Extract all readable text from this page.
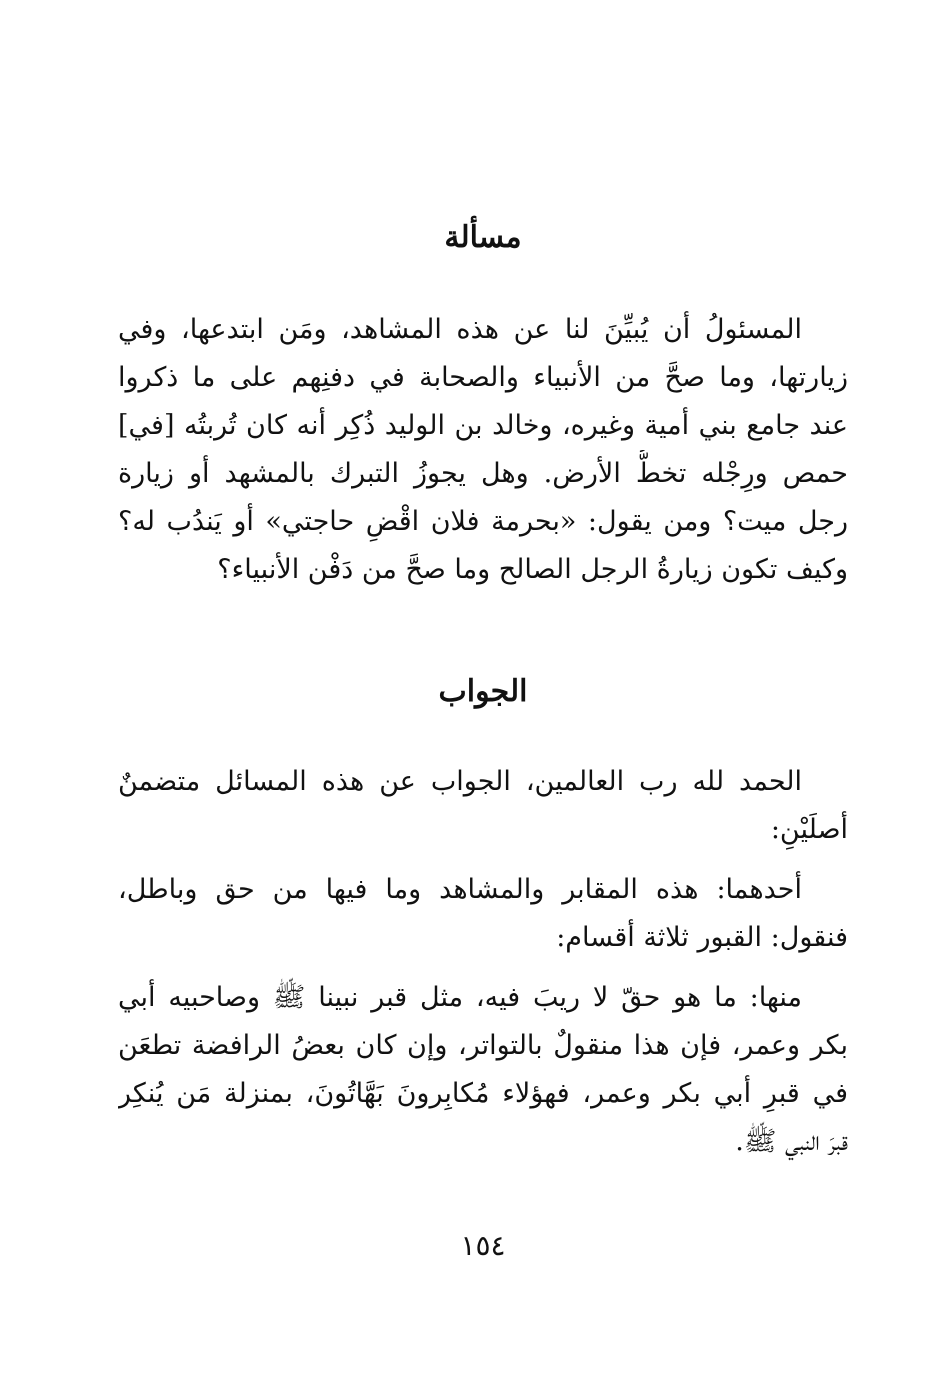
مسألة
المسئولُ أن يُبيِّنَ لنا عن هذه المشاهد، ومَن ابتدعها، وفي
زيارتها، وما صحَّ من الأنبياء والصحابة في دفنِهم على ما ذكروا
عند جامع بني أمية وغيره، وخالد بن الوليد ذُكِر أنه كان تُربتُه [في]
حمص ورِجْله تخطُّ الأرض. وهل يجوزُ التبرك بالمشهد أو زيارة
رجل ميت؟ ومن يقول: «بحرمة فلان اقْضِ حاجتي» أو يَندُب له؟
وكيف تكون زيارةُ الرجل الصالح وما صحَّ من دَفْن الأنبياء؟
الجواب
الحمد لله رب العالمين، الجواب عن هذه المسائل متضمنٌ
أصلَيْنِ:
أحدهما: هذه المقابر والمشاهد وما فيها من حق وباطل،
فنقول: القبور ثلاثة أقسام:
منها: ما هو حقّ لا ريبَ فيه، مثل قبر نبينا ﷺ وصاحبيه أبي
بكر وعمر، فإن هذا منقولٌ بالتواتر، وإن كان بعضُ الرافضة تطعَن
في قبرِ أبي بكر وعمر، فهؤلاء مُكابِرونَ بَهَّاتُونَ، بمنزلة مَن يُنكِر
قبرَ النبي ﷺ.
١٥٤
